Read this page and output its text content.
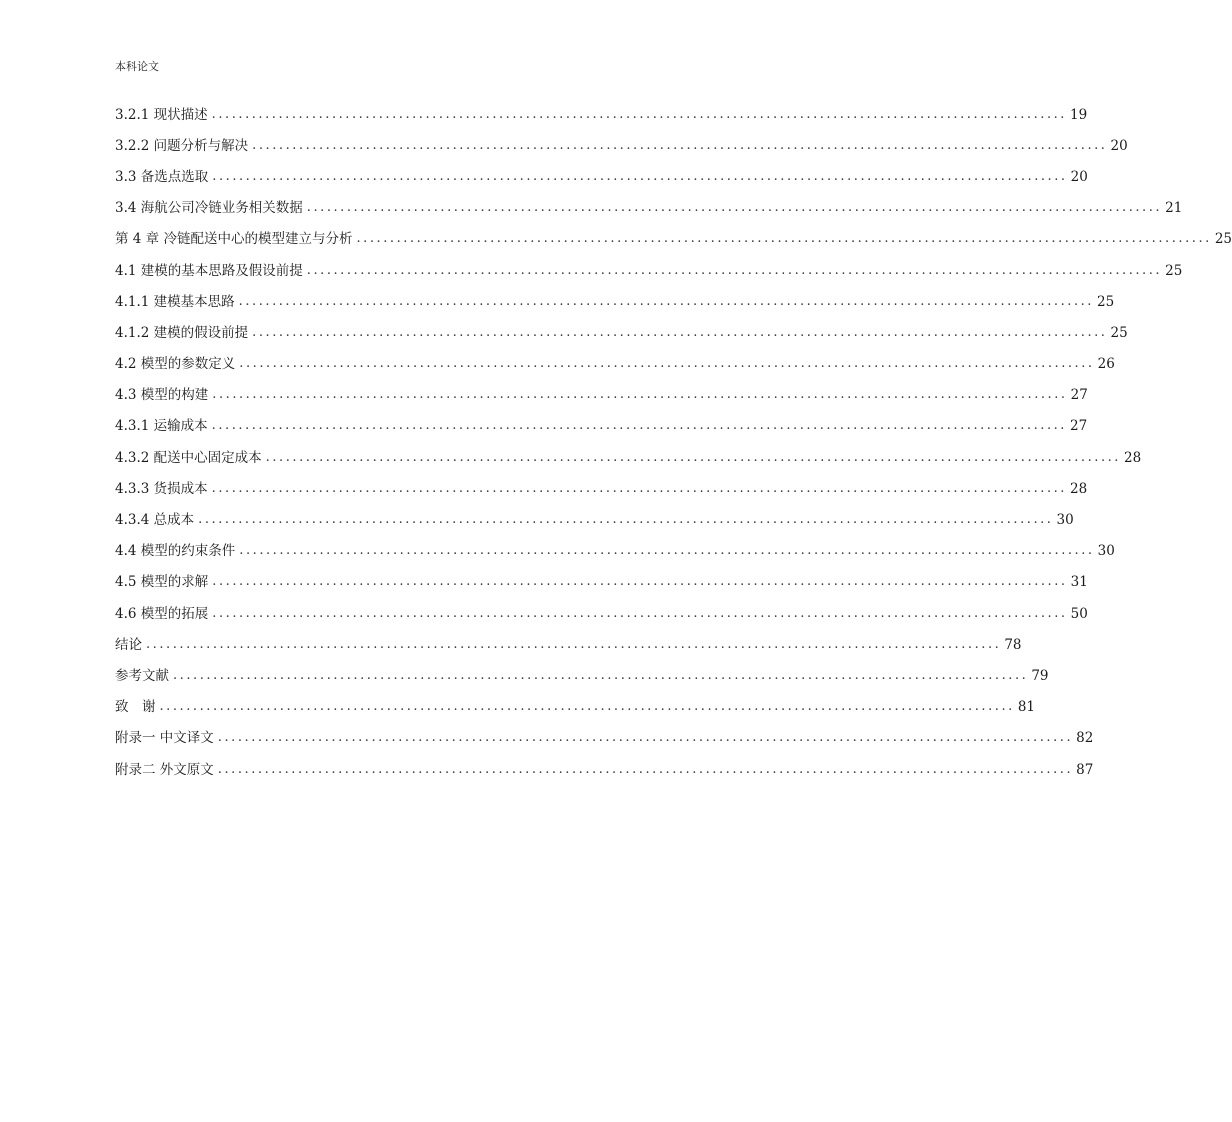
本科论文
3.2.1 现状描述 ................................................................................................................................ 19
3.2.2 问题分析与解决 ................................................................................................................................ 20
3.3 备选点选取 ................................................................................................................................ 20
3.4 海航公司冷链业务相关数据 ................................................................................................................................ 21
第 4 章 冷链配送中心的模型建立与分析 ................................................................................................................................ 25
4.1 建模的基本思路及假设前提 ................................................................................................................................ 25
4.1.1 建模基本思路 ................................................................................................................................ 25
4.1.2 建模的假设前提 ................................................................................................................................ 25
4.2 模型的参数定义 ................................................................................................................................ 26
4.3 模型的构建 ................................................................................................................................ 27
4.3.1 运输成本 ................................................................................................................................ 27
4.3.2 配送中心固定成本 ................................................................................................................................ 28
4.3.3 货损成本 ................................................................................................................................ 28
4.3.4 总成本 ................................................................................................................................ 30
4.4 模型的约束条件 ................................................................................................................................ 30
4.5 模型的求解 ................................................................................................................................ 31
4.6 模型的拓展 ................................................................................................................................ 50
结论 ................................................................................................................................ 78
参考文献 ................................................................................................................................ 79
致　谢 ................................................................................................................................ 81
附录一 中文译文 ................................................................................................................................ 82
附录二 外文原文 ................................................................................................................................ 87
